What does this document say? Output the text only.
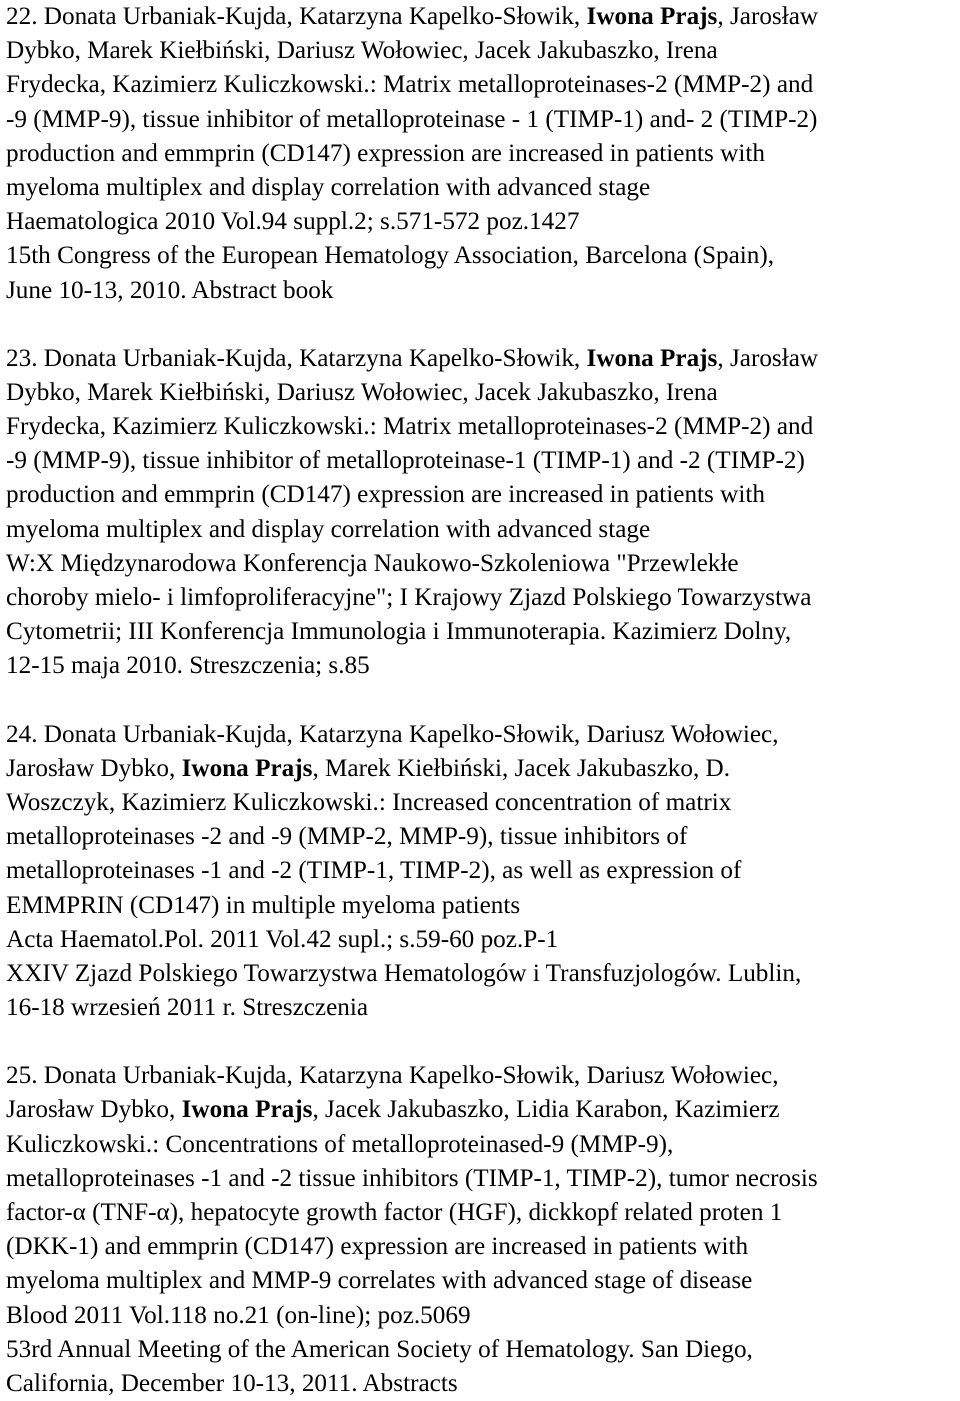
22. Donata Urbaniak-Kujda, Katarzyna Kapelko-Słowik, Iwona Prajs, Jarosław
Dybko, Marek Kiełbiński, Dariusz Wołowiec, Jacek Jakubaszko, Irena
Frydecka, Kazimierz Kuliczkowski.: Matrix metalloproteinases-2 (MMP-2) and
-9 (MMP-9), tissue inhibitor of metalloproteinase - 1 (TIMP-1) and- 2 (TIMP-2)
production and emmprin (CD147) expression are increased in patients with
myeloma multiplex and display correlation with advanced stage
Haematologica 2010 Vol.94 suppl.2; s.571-572 poz.1427
15th Congress of the European Hematology Association, Barcelona (Spain),
June 10-13, 2010. Abstract book
23. Donata Urbaniak-Kujda, Katarzyna Kapelko-Słowik, Iwona Prajs, Jarosław
Dybko, Marek Kiełbiński, Dariusz Wołowiec, Jacek Jakubaszko, Irena
Frydecka, Kazimierz Kuliczkowski.: Matrix metalloproteinases-2 (MMP-2) and
-9 (MMP-9), tissue inhibitor of metalloproteinase-1 (TIMP-1) and -2 (TIMP-2)
production and emmprin (CD147) expression are increased in patients with
myeloma multiplex and display correlation with advanced stage
W:X Międzynarodowa Konferencja Naukowo-Szkoleniowa "Przewlekłe
choroby mielo- i limfoproliferacyjne"; I Krajowy Zjazd Polskiego Towarzystwa
Cytometrii; III Konferencja Immunologia i Immunoterapia. Kazimierz Dolny,
12-15 maja 2010. Streszczenia; s.85
24. Donata Urbaniak-Kujda, Katarzyna Kapelko-Słowik, Dariusz Wołowiec,
Jarosław Dybko, Iwona Prajs, Marek Kiełbiński, Jacek Jakubaszko, D.
Woszczyk, Kazimierz Kuliczkowski.: Increased concentration of matrix
metalloproteinases -2 and -9 (MMP-2, MMP-9), tissue inhibitors of
metalloproteinases -1 and -2 (TIMP-1, TIMP-2), as well as expression of
EMMPRIN (CD147) in multiple myeloma patients
Acta Haematol.Pol. 2011 Vol.42 supl.; s.59-60 poz.P-1
XXIV Zjazd Polskiego Towarzystwa Hematologów i Transfuzjologów. Lublin,
16-18 wrzesień 2011 r. Streszczenia
25. Donata Urbaniak-Kujda, Katarzyna Kapelko-Słowik, Dariusz Wołowiec,
Jarosław Dybko, Iwona Prajs, Jacek Jakubaszko, Lidia Karabon, Kazimierz
Kuliczkowski.: Concentrations of metalloproteinased-9 (MMP-9),
metalloproteinases -1 and -2 tissue inhibitors (TIMP-1, TIMP-2), tumor necrosis
factor-α (TNF-α), hepatocyte growth factor (HGF), dickkopf related proten 1
(DKK-1) and emmprin (CD147) expression are increased in patients with
myeloma multiplex and MMP-9 correlates with advanced stage of disease
Blood 2011 Vol.118 no.21 (on-line); poz.5069
53rd Annual Meeting of the American Society of Hematology. San Diego,
California, December 10-13, 2011. Abstracts
